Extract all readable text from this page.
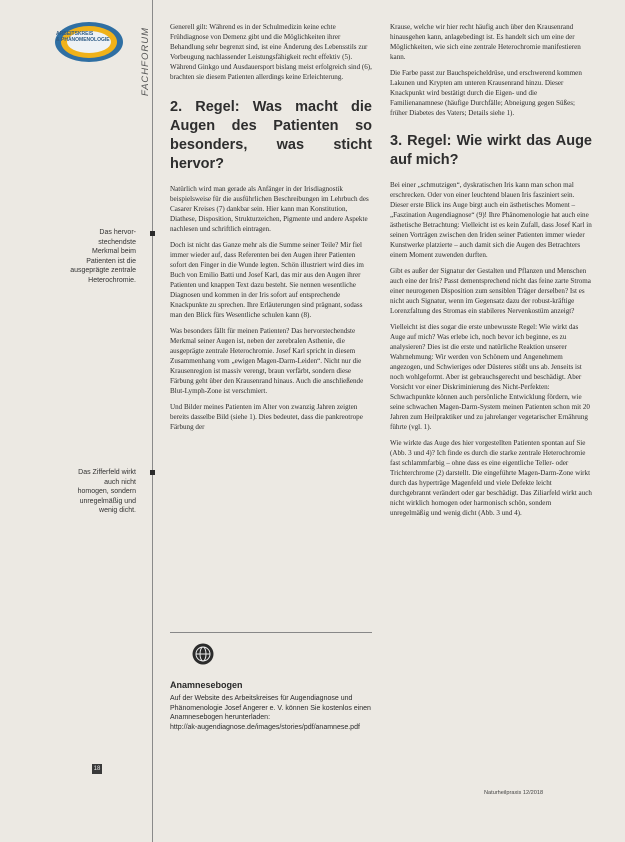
ARBEITSKREIS
& PHÄNOMENOLOGIE	FACHFORUM
Das hervor-
stechendste
Merkmal beim
Patienten ist die
ausgeprägte zentrale
Heterochromie.
Das Zifferfeld wirkt
auch nicht
homogen, sondern
unregelmäßig und
wenig dicht.

Generell gilt: Während es in der Schulmedizin keine echte Frühdiagnose von Demenz gibt und die Möglichkeiten ihrer Behandlung sehr begrenzt sind, ist eine Änderung des Lebensstils zur Vorbeugung nachlassender Leistungsfähigkeit recht effektiv (5). Während Ginkgo und Ausdauersport bislang meist erfolgreich sind (6), brachten sie diesem Patienten allerdings keine Erleichterung.

2. Regel: Was macht die Augen des Patienten so besonders, was sticht hervor?

Natürlich wird man gerade als Anfänger in der Irisdiagnostik beispielsweise für die ausführlichen Beschreibungen im Lehrbuch des Casarer Kreises (7) dankbar sein. Hier kann man Konstitution, Diathese, Disposition, Strukturzeichen, Pigmente und andere Aspekte nachlesen und schriftlich eintragen.

Doch ist nicht das Ganze mehr als die Summe seiner Teile? Mir fiel immer wieder auf, dass Referenten bei den Augen ihrer Patienten sofort den Finger in die Wunde legten. Schön illustriert wird dies im Buch von Emilio Batti und Josef Karl, das mir aus den Augen ihrer Patienten und knappen Text dazu besteht. Sie nennen wesentliche Diagnosen und kommen in der Iris sofort auf entsprechende Knackpunkte zu sprechen. Ihre Erläuterungen sind prägnant, sodass man den Blick fürs Wesentliche schulen kann (8).

Was besonders fällt für meinen Patienten? Das hervorstechendste Merkmal seiner Augen ist, neben der zerebralen Asthenie, die ausgeprägte zentrale Heterochromie. Josef Karl spricht in diesem Zusammenhang vom „ewigen Magen-Darm-Leiden“. Nicht nur die Krausenregion ist massiv verengt, braun verfärbt, sondern diese Färbung geht über den Krausenrand hinaus. Auch die anschließende Blut-Lymph-Zone ist verschmiert.

Und Bilder meines Patienten im Alter von zwanzig Jahren zeigten bereits dasselbe Bild (siehe 1). Dies bedeutet, dass die pankreotrope Färbung der

Anamnesebogen
Auf der Website des Arbeitskreises für Augendiagnose und Phänomenologie Josef Angerer e. V. können Sie kostenlos einen Anamnesebogen herunterladen:
http://ak-augendiagnose.de/images/stories/pdf/anamnese.pdf

Krause, welche wir hier recht häufig auch über den Krausenrand hinausgehen kann, anlagebedingt ist. Es handelt sich um eine der Möglichkeiten, wie sich eine zentrale Heterochromie manifestieren kann.

Die Farbe passt zur Bauchspeicheldrüse, und erschwerend kommen Lakunen und Krypten am unteren Krausenrand hinzu. Dieser Knackpunkt wird bestätigt durch die Eigen- und die Familienanamnese (häufige Durchfälle; Abneigung gegen Süßes; früher Diabetes des Vaters; Details siehe 1).

3. Regel: Wie wirkt das Auge auf mich?

Bei einer „schmutzigen“, dyskratischen Iris kann man schon mal erschrecken. Oder von einer leuchtend blauen Iris fasziniert sein. Dieser erste Blick ins Auge birgt auch ein ästhetisches Moment – „Faszination Augendiagnose“ (9)! Ihre Phänomenologie hat auch eine ästhetische Betrachtung: Vielleicht ist es kein Zufall, dass Josef Karl in seinen Vorträgen zwischen den Iriden seiner Patienten immer wieder Kunstwerke platzierte – auch damit sich die Augen des Betrachters einem Moment zuwenden durften.

Gibt es außer der Signatur der Gestalten und Pflanzen und Menschen auch eine der Iris? Passt dementsprechend nicht das feine zarte Stroma einer neurogenen Disposition zum sensiblen Träger derselben? Ist es nicht auch Signatur, wenn im Gegensatz dazu der robust-kräftige Lorenzfaltung des Stromas ein stabileres Nervenkostüm anzeigt?

Vielleicht ist dies sogar die erste unbewusste Regel: Wie wirkt das Auge auf mich? Was erlebe ich, noch bevor ich beginne, es zu analysieren? Dies ist die erste und natürliche Reaktion unserer Wahrnehmung: Wir werden von Schönem und Angenehmem angezogen, und Schwieriges oder Düsteres stößt uns ab. Jenseits ist noch wohlgeformt. Aber ist gebrauchsgerecht und beschädigt. Aber Vorsicht vor einer Diskriminierung des Nicht-Perfekten: Schwachpunkte können auch persönliche Entwicklung fördern, wie seine schwachen Magen-Darm-System meinen Patienten schon mit 20 Jahren zum Heilpraktiker und zu jahrelanger vegetarischer Ernährung führte (vgl. 1).

Wie wirkte das Auge des hier vorgestellten Patienten spontan auf Sie (Abb. 3 und 4)? Ich finde es durch die starke zentrale Heterochromie fast schlammfarbig – ohne dass es eine eigentliche Teller- oder Trichterchrome (2) darstellt. Die eingeführte Magen-Darm-Zone wirkt durch das hyperträge Magenfeld und viele Defekte leicht durchgebrannt verändert oder gar beschädigt. Das Ziliarfeld wirkt auch nicht wirklich homogen oder harmonisch schön, sondern unregelmäßig und wenig dicht (Abb. 3 und 4).

18
Naturheilpraxis 12/2018
